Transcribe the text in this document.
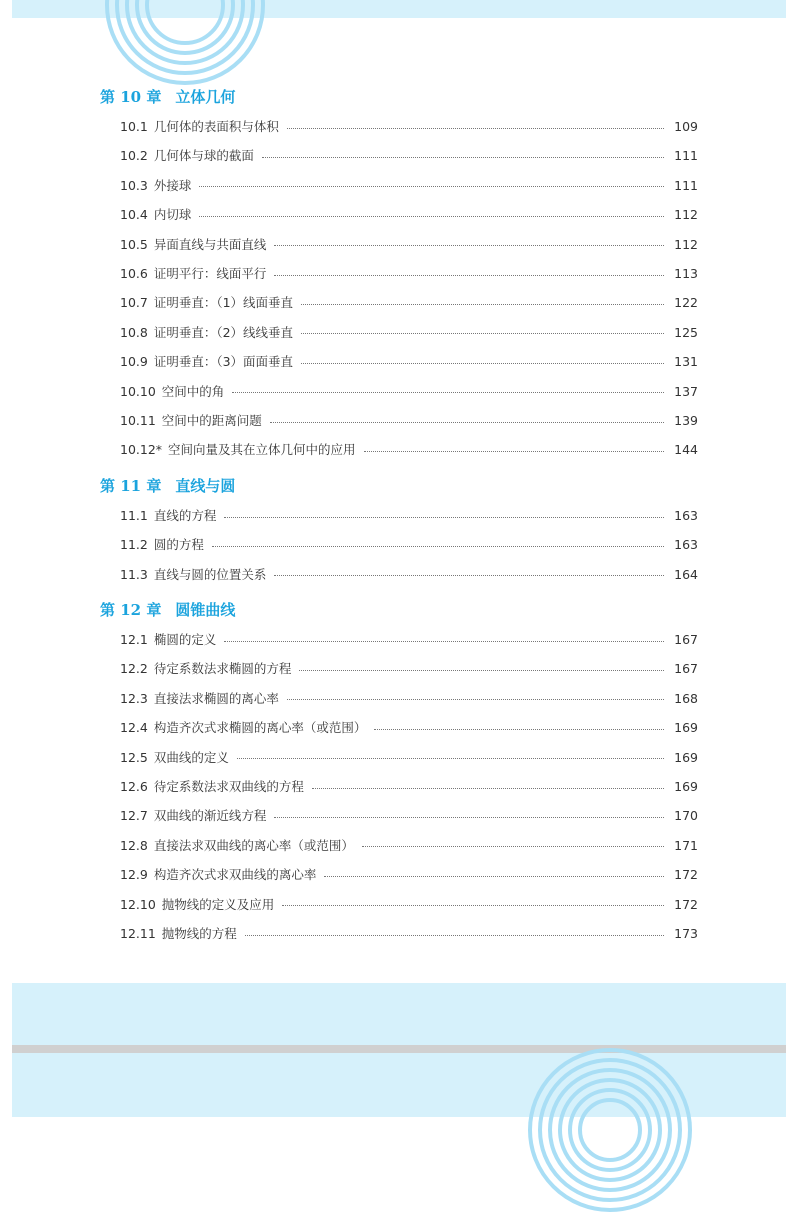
第 10 章 立体几何
10.1 几何体的表面积与体积	109
10.2 几何体与球的截面	111
10.3 外接球	111
10.4 内切球	112
10.5 异面直线与共面直线	112
10.6 证明平行：线面平行	113
10.7 证明垂直：（1）线面垂直	122
10.8 证明垂直：（2）线线垂直	125
10.9 证明垂直：（3）面面垂直	131
10.10 空间中的角	137
10.11 空间中的距离问题	139
10.12* 空间向量及其在立体几何中的应用	144
第 11 章 直线与圆
11.1 直线的方程	163
11.2 圆的方程	163
11.3 直线与圆的位置关系	164
第 12 章 圆锥曲线
12.1 椭圆的定义	167
12.2 待定系数法求椭圆的方程	167
12.3 直接法求椭圆的离心率	168
12.4 构造齐次式求椭圆的离心率（或范围）	169
12.5 双曲线的定义	169
12.6 待定系数法求双曲线的方程	169
12.7 双曲线的渐近线方程	170
12.8 直接法求双曲线的离心率（或范围）	171
12.9 构造齐次式求双曲线的离心率	172
12.10 抛物线的定义及应用	172
12.11 抛物线的方程	173
